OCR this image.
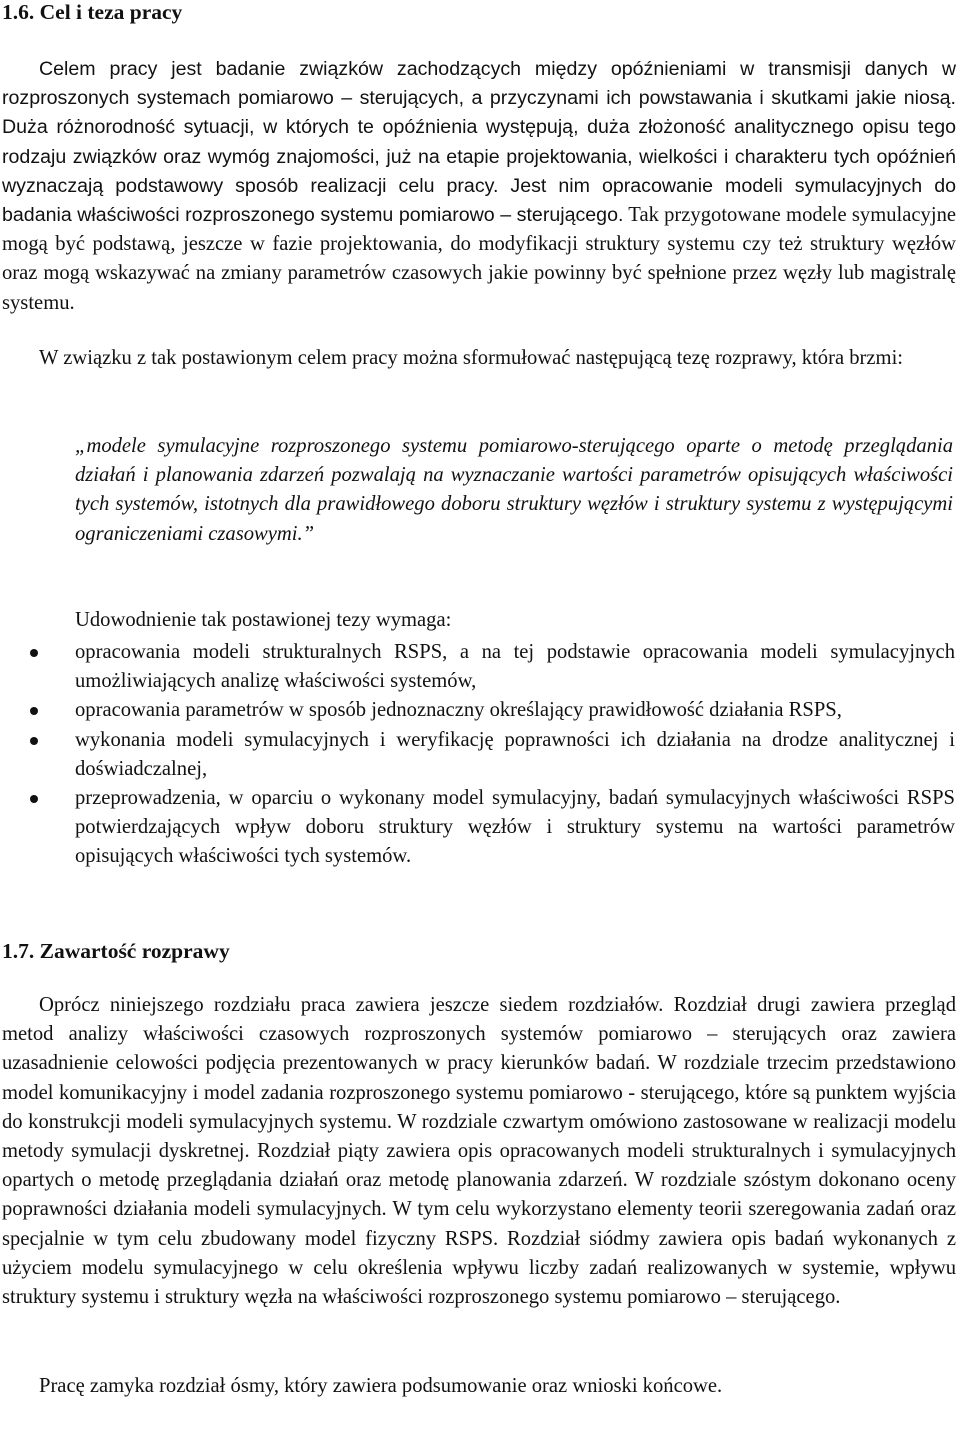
1.6. Cel i teza pracy

Celem pracy jest badanie związków zachodzących między opóźnieniami w transmisji danych w rozproszonych systemach pomiarowo – sterujących, a przyczynami ich powstawania i skutkami jakie niosą. Duża różnorodność sytuacji, w których te opóźnienia występują, duża złożoność analitycznego opisu tego rodzaju związków oraz wymóg znajomości, już na etapie projektowania, wielkości i charakteru tych opóźnień wyznaczają podstawowy sposób realizacji celu pracy. Jest nim opracowanie modeli symulacyjnych do badania właściwości rozproszonego systemu pomiarowo – sterującego. Tak przygotowane modele symulacyjne mogą być podstawą, jeszcze w fazie projektowania, do modyfikacji struktury systemu czy też struktury węzłów oraz mogą wskazywać na zmiany parametrów czasowych jakie powinny być spełnione przez węzły lub magistralę systemu.

W związku z tak postawionym celem pracy można sformułować następującą tezę rozprawy, która brzmi:

„modele symulacyjne rozproszonego systemu pomiarowo-sterującego oparte o metodę przeglądania działań i planowania zdarzeń pozwalają na wyznaczanie wartości parametrów opisujących właściwości tych systemów, istotnych dla prawidłowego doboru struktury węzłów i struktury systemu z występującymi ograniczeniami czasowymi.”

Udowodnienie tak postawionej tezy wymaga:

opracowania modeli strukturalnych RSPS, a na tej podstawie opracowania modeli symulacyjnych umożliwiających analizę właściwości systemów,
opracowania parametrów w sposób jednoznaczny określający prawidłowość działania RSPS,
wykonania modeli symulacyjnych i weryfikację poprawności ich działania na drodze analitycznej i doświadczalnej,
przeprowadzenia, w oparciu o wykonany model symulacyjny, badań symulacyjnych właściwości RSPS potwierdzających wpływ doboru struktury węzłów i struktury systemu na wartości parametrów opisujących właściwości tych systemów.
1.7. Zawartość rozprawy

Oprócz niniejszego rozdziału praca zawiera jeszcze siedem rozdziałów. Rozdział drugi zawiera przegląd metod analizy właściwości czasowych rozproszonych systemów pomiarowo – sterujących oraz zawiera uzasadnienie celowości podjęcia prezentowanych w pracy kierunków badań. W rozdziale trzecim przedstawiono model komunikacyjny i model zadania rozproszonego systemu pomiarowo - sterującego, które są punktem wyjścia do konstrukcji modeli symulacyjnych systemu. W rozdziale czwartym omówiono zastosowane w realizacji modelu metody symulacji dyskretnej. Rozdział piąty zawiera opis opracowanych modeli strukturalnych i symulacyjnych opartych o metodę przeglądania działań oraz metodę planowania zdarzeń. W rozdziale szóstym dokonano oceny poprawności działania modeli symulacyjnych. W tym celu wykorzystano elementy teorii szeregowania zadań oraz specjalnie w tym celu zbudowany model fizyczny RSPS. Rozdział siódmy zawiera opis badań wykonanych z użyciem modelu symulacyjnego w celu określenia wpływu liczby zadań realizowanych w systemie, wpływu struktury systemu i struktury węzła na właściwości rozproszonego systemu pomiarowo – sterującego.

Pracę zamyka rozdział ósmy, który zawiera podsumowanie oraz wnioski końcowe.
